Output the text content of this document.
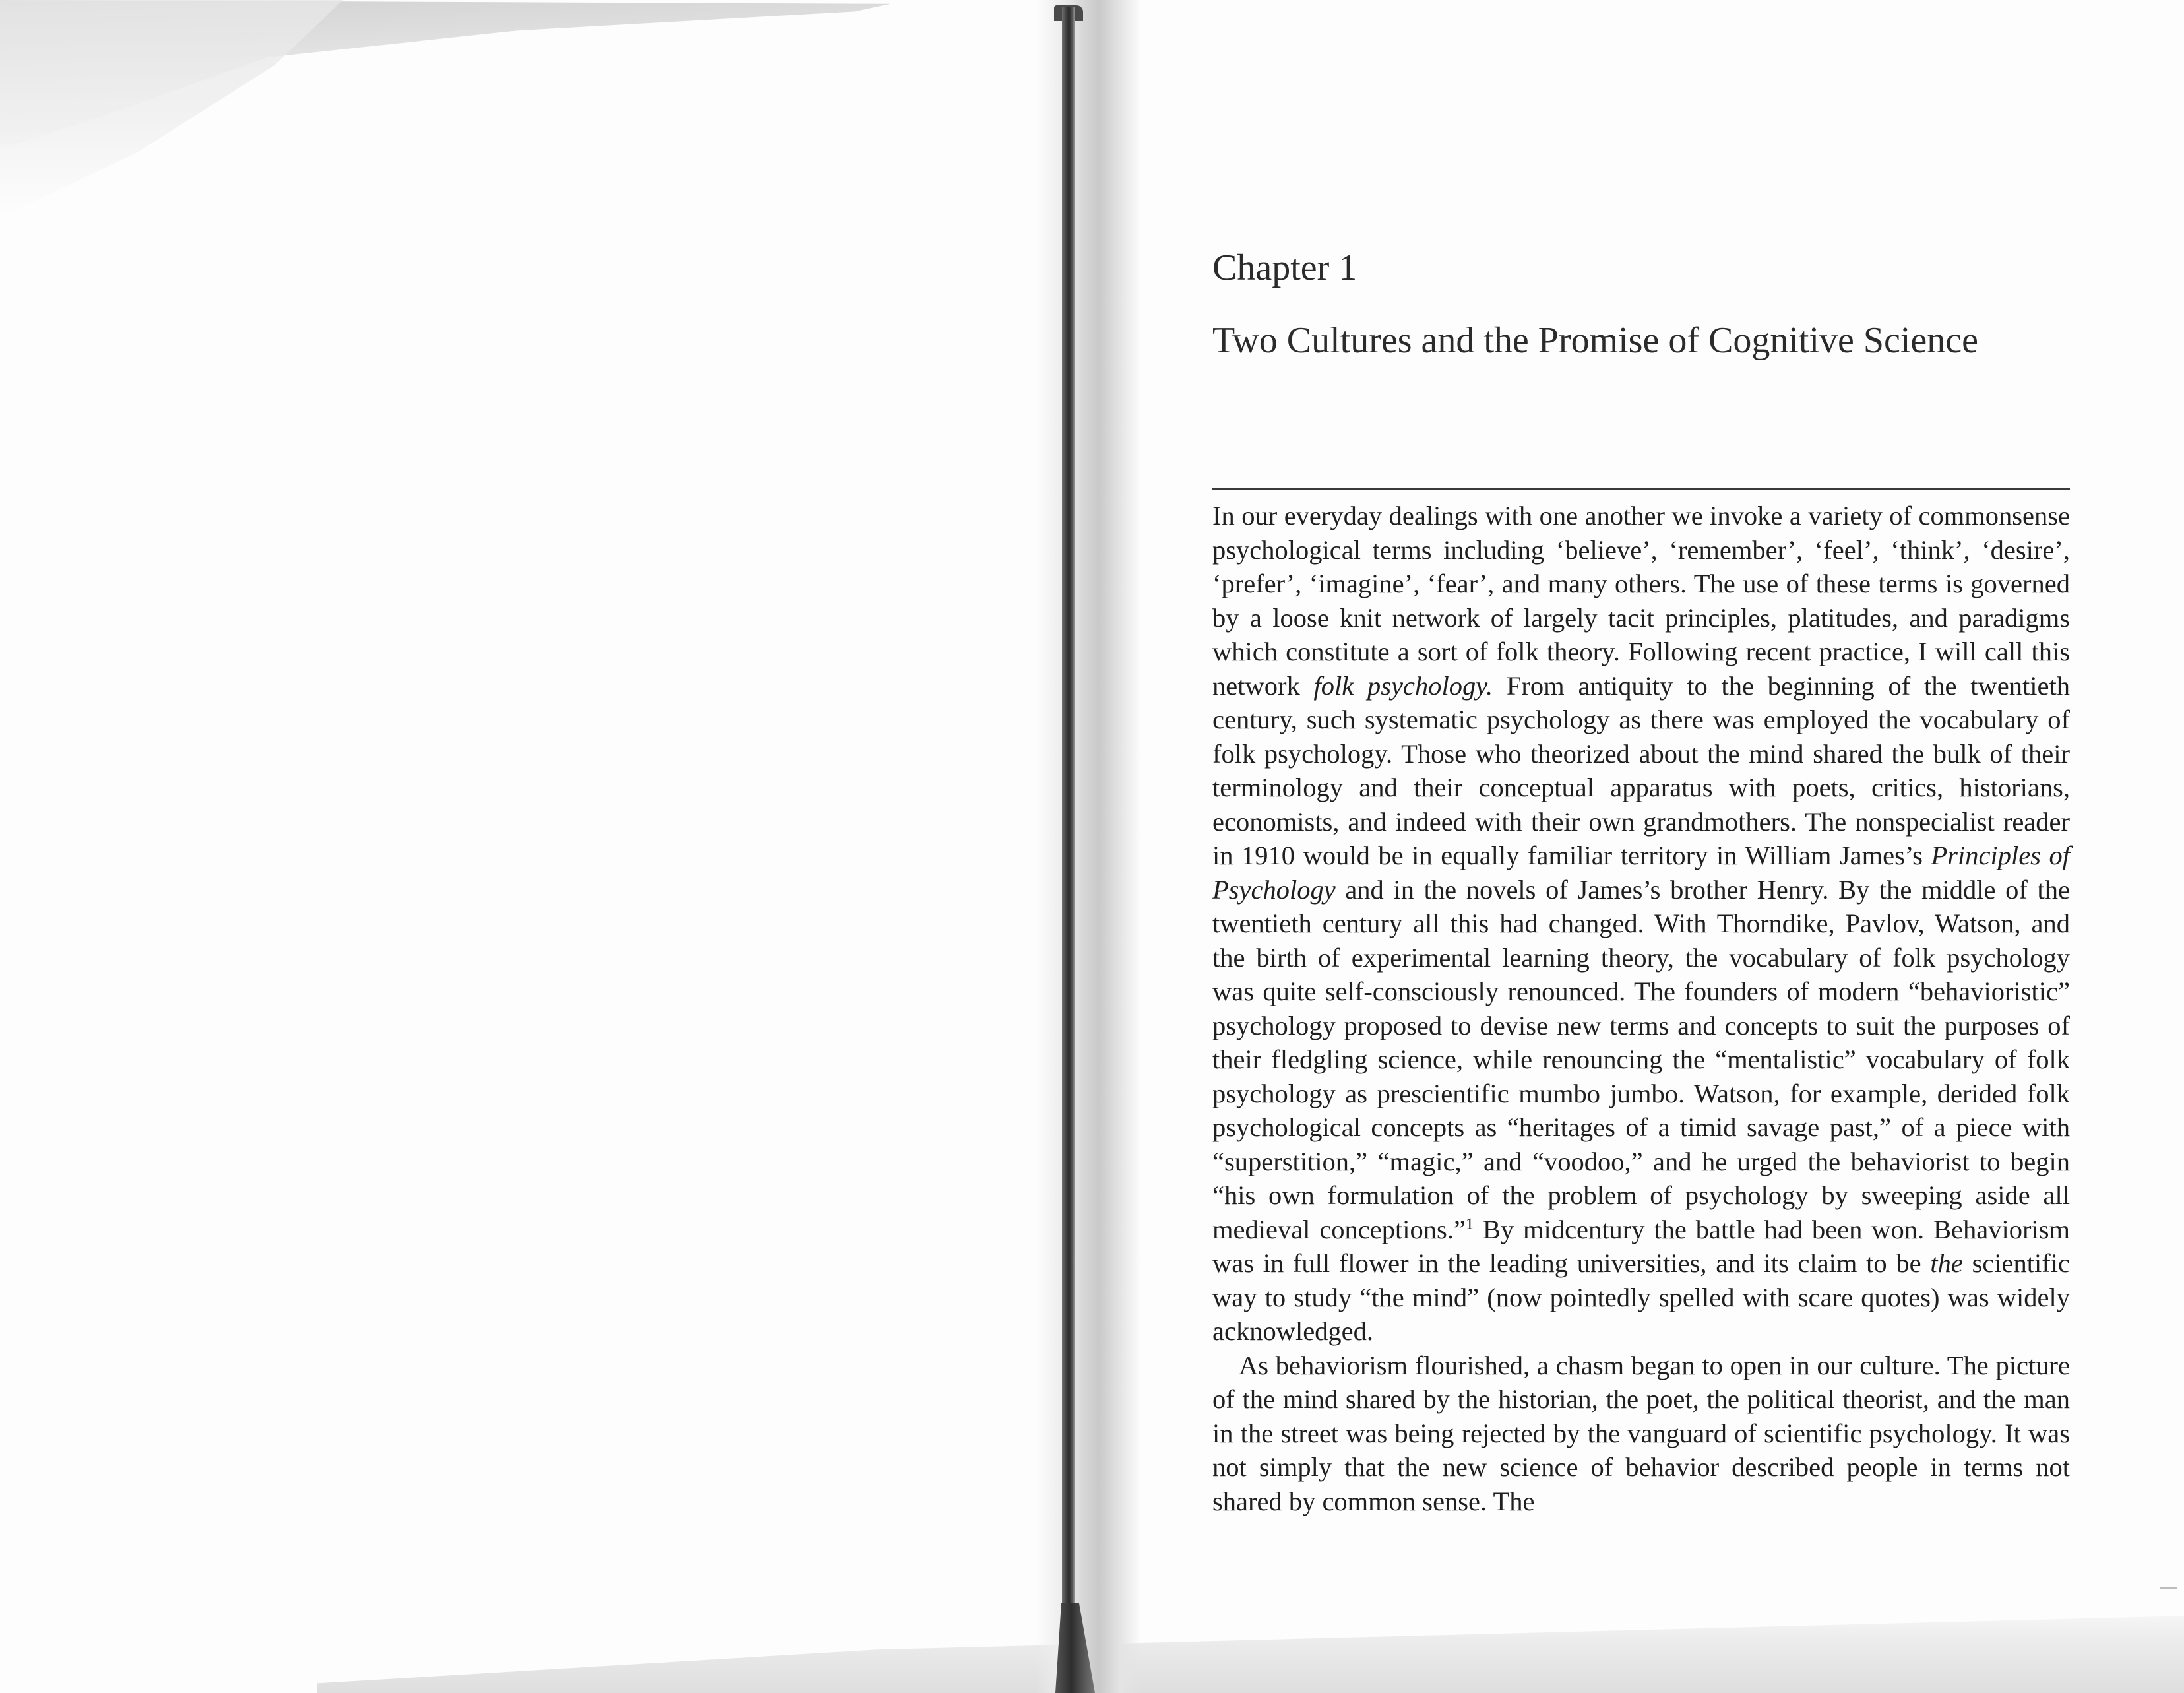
Chapter 1
Two Cultures and the Promise of Cognitive Science

In our everyday dealings with one another we invoke a variety of commonsense psychological terms including ‘believe’, ‘remember’, ‘feel’, ‘think’, ‘desire’, ‘prefer’, ‘imagine’, ‘fear’, and many others. The use of these terms is governed by a loose knit network of largely tacit principles, platitudes, and paradigms which constitute a sort of folk theory. Following recent practice, I will call this network folk psychology. From antiquity to the beginning of the twentieth century, such systematic psychology as there was employed the vocabulary of folk psychology. Those who theorized about the mind shared the bulk of their terminology and their conceptual apparatus with poets, critics, historians, economists, and indeed with their own grandmothers. The nonspecialist reader in 1910 would be in equally familiar territory in William James’s Principles of Psychology and in the novels of James’s brother Henry. By the middle of the twentieth century all this had changed. With Thorndike, Pavlov, Watson, and the birth of experimental learning theory, the vocabulary of folk psychology was quite self-consciously renounced. The founders of modern “behavioristic” psychology proposed to devise new terms and concepts to suit the purposes of their fledgling science, while renouncing the “mentalistic” vocabulary of folk psychology as prescientific mumbo jumbo. Watson, for example, derided folk psychological concepts as “heritages of a timid savage past,” of a piece with “superstition,” “magic,” and “voodoo,” and he urged the behaviorist to begin “his own formulation of the problem of psychology by sweeping aside all medieval conceptions.”$^1$ By midcentury the battle had been won. Behaviorism was in full flower in the leading universities, and its claim to be the scientific way to study “the mind” (now pointedly spelled with scare quotes) was widely acknowledged.

As behaviorism flourished, a chasm began to open in our culture. The picture of the mind shared by the historian, the poet, the political theorist, and the man in the street was being rejected by the vanguard of scientific psychology. It was not simply that the new science of behavior described people in terms not shared by common sense. The
